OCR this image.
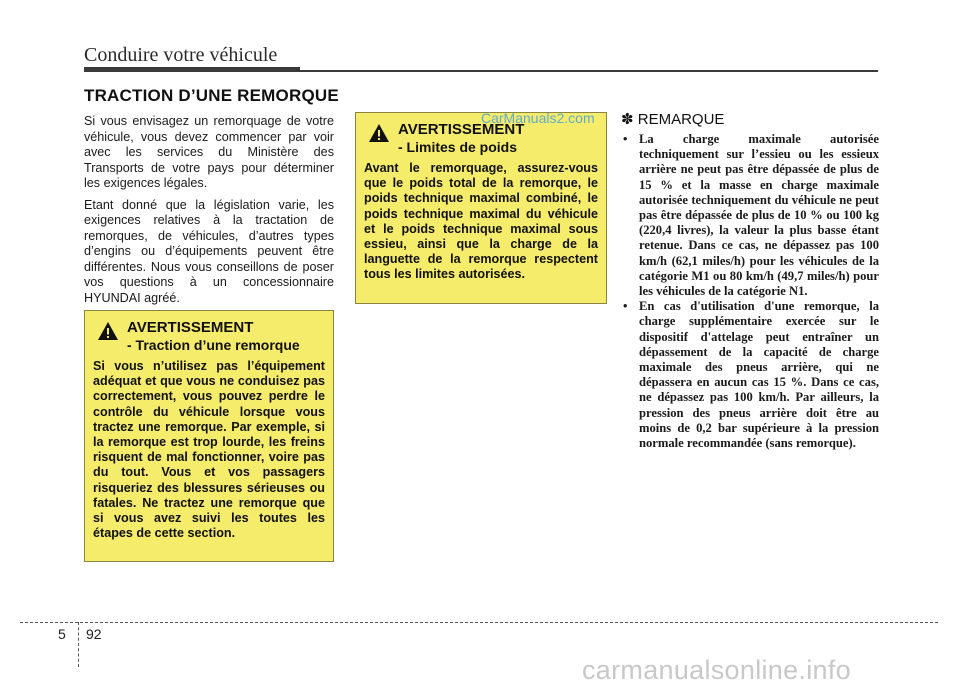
Conduire votre véhicule
TRACTION D’UNE REMORQUE

Si vous envisagez un remorquage de votre véhicule, vous devez commencer par voir avec les services du Ministère des Transports de votre pays pour déterminer les exigences légales.

Etant donné que la législation varie, les exigences relatives à la tractation de remorques, de véhicules, d’autres types d’engins ou d’équipements peuvent être différentes. Nous vous conseillons de poser vos questions à un concessionnaire HYUNDAI agréé.

AVERTISSEMENT
- Traction d’une remorque
Si vous n’utilisez pas l’équipement adéquat et que vous ne conduisez pas correctement, vous pouvez perdre le contrôle du véhicule lorsque vous tractez une remorque. Par exemple, si la remorque est trop lourde, les freins risquent de mal fonctionner, voire pas du tout. Vous et vos passagers risqueriez des blessures sérieuses ou fatales. Ne tractez une remorque que si vous avez suivi les toutes les étapes de cette section.
AVERTISSEMENT
- Limites de poids
Avant le remorquage, assurez-vous que le poids total de la remorque, le poids technique maximal combiné, le poids technique maximal du véhicule et le poids technique maximal sous essieu, ainsi que la charge de la languette de la remorque respectent tous les limites autorisées.
CarManuals2.com ✽ REMARQUE
• La charge maximale autorisée techniquement sur l’essieu ou les essieux arrière ne peut pas être dépassée de plus de 15 % et la masse en charge maximale autorisée techniquement du véhicule ne peut pas être dépassée de plus de 10 % ou 100 kg (220,4 livres), la valeur la plus basse étant retenue. Dans ce cas, ne dépassez pas 100 km/h (62,1 miles/h) pour les véhicules de la catégorie M1 ou 80 km/h (49,7 miles/h) pour les véhicules de la catégorie N1.
• En cas d'utilisation d'une remorque, la charge supplémentaire exercée sur le dispositif d'attelage peut entraîner un dépassement de la capacité de charge maximale des pneus arrière, qui ne dépassera en aucun cas 15 %. Dans ce cas, ne dépassez pas 100 km/h. Par ailleurs, la pression des pneus arrière doit être au moins de 0,2 bar supérieure à la pression normale recommandée (sans remorque).
5 92
carmanualsonline.info
